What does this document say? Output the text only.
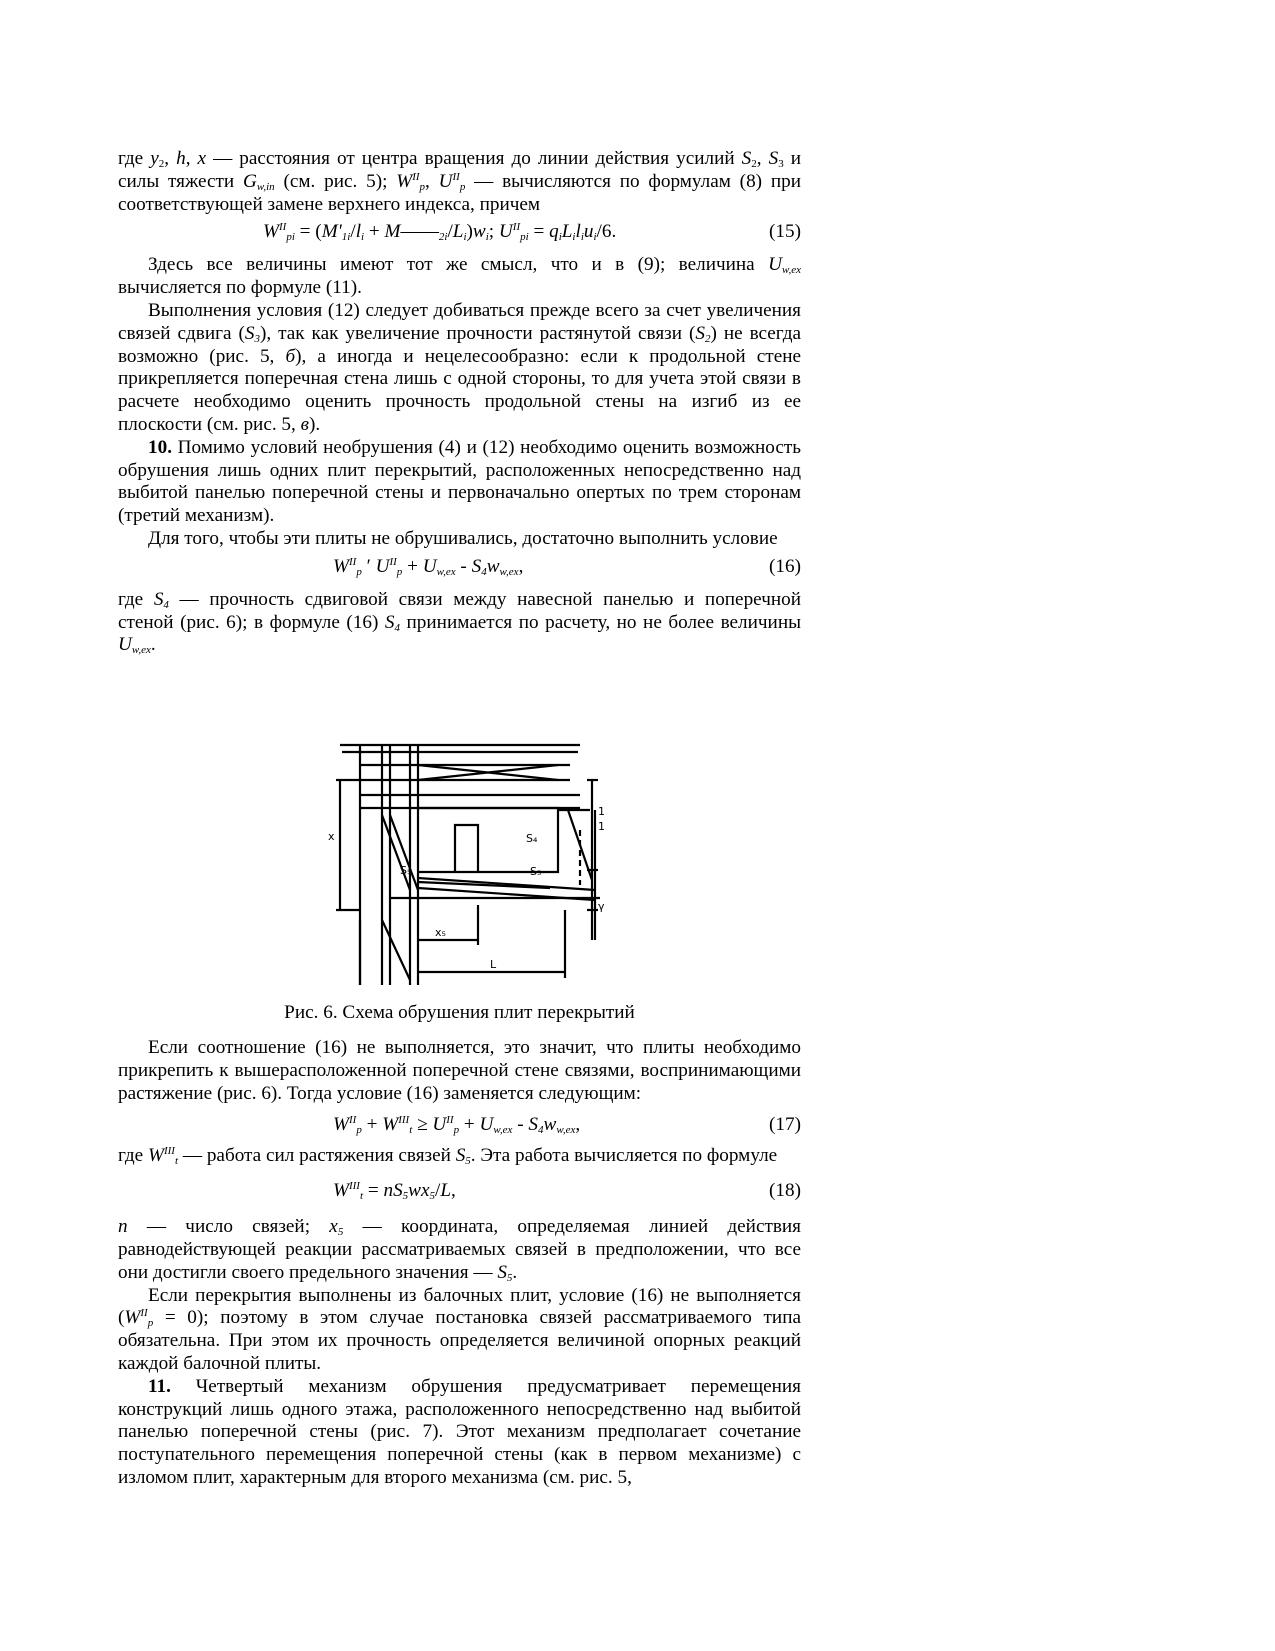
где $y_2$, h, x — расстояния от центра вращения до линии действия усилий $S_2$, $S_3$ и силы тяжести $G_{w,in}$ (см. рис. 5); $W^{II}_p$, $U^{II}_p$ — вычисляются по формулам (8) при соответствующей замене верхнего индекса, причем

$W^{II}_{pi} = (M'_{1i}/l_i$ + $M——_{2i}/L_i)w_i$; $U^{II}_{pi} = q_iL_il_iu_i/6$.	(15)

Здесь все величины имеют тот же смысл, что и в (9); величина $U_{w,ex}$ вычисляется по формуле (11).

Выполнения условия (12) следует добиваться прежде всего за счет увеличения связей сдвига $(S_3)$, так как увеличение прочности растянутой связи $(S_2)$ не всегда возможно (рис. 5, б), а иногда и нецелесообразно: если к продольной стене прикрепляется поперечная стена лишь с одной стороны, то для учета этой связи в расчете необходимо оценить прочность продольной стены на изгиб из ее плоскости (см. рис. 5, в).

10. Помимо условий необрушения (4) и (12) необходимо оценить возможность обрушения лишь одних плит перекрытий, расположенных непосредственно над выбитой панелью поперечной стены и первоначально опертых по трем сторонам (третий механизм).

Для того, чтобы эти плиты не обрушивались, достаточно выполнить условие

$W^{II}_p$ ′ $U^{II}_p + U_{w,ex} - S_4w_{w,ex}$,	(16)

где $S_4$ — прочность сдвиговой связи между навесной панелью и поперечной стеной (рис. 6); в формуле (16) $S_4$ принимается по расчету, но не более величины $U_{w,ex}$.

x	S₄
S₅	S₅
x₅
L
1
1
γ
Рис. 6. Схема обрушения плит перекрытий

Если соотношение (16) не выполняется, это значит, что плиты необходимо прикрепить к вышерасположенной поперечной стене связями, воспринимающими растяжение (рис. 6). Тогда условие (16) заменяется следующим:

$W^{II}_p + W^{III}_t \ge U^{II}_p + U_{w,ex} - S_4w_{w,ex}$,	(17)

где $W^{III}_t$ — работа сил растяжения связей $S_5$. Эта работа вычисляется по формуле

$W^{III}_t = nS_5wx_5/L$,	(18)

n — число связей; $x_5$ — координата, определяемая линией действия равнодействующей реакции рассматриваемых связей в предположении, что все они достигли своего предельного значения — $S_5$.

Если перекрытия выполнены из балочных плит, условие (16) не выполняется $(W^{II}_p = 0)$; поэтому в этом случае постановка связей рассматриваемого типа обязательна. При этом их прочность определяется величиной опорных реакций каждой балочной плиты.

11. Четвертый механизм обрушения предусматривает перемещения конструкций лишь одного этажа, расположенного непосредственно над выбитой панелью поперечной стены (рис. 7). Этот механизм предполагает сочетание поступательного перемещения поперечной стены (как в первом механизме) с изломом плит, характерным для второго механизма (см. рис. 5,
